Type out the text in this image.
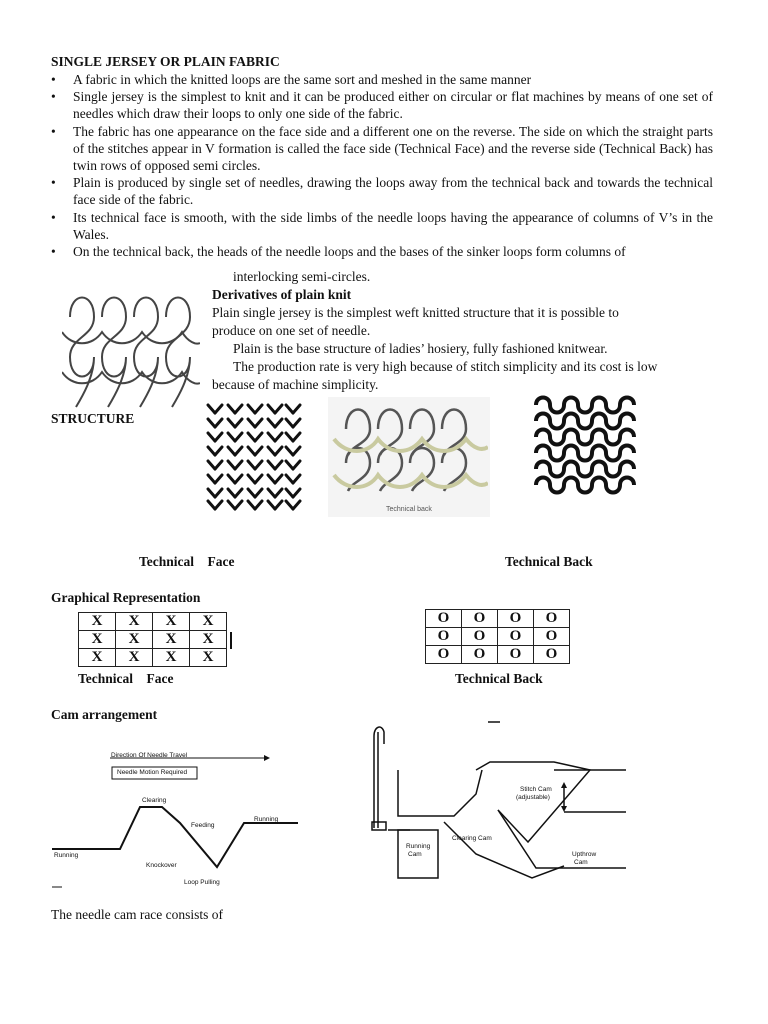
SINGLE JERSEY OR PLAIN FABRIC
• A fabric in which the knitted loops are the same sort and meshed in the same manner
• Single jersey is the simplest to knit and it can be produced either on circular or flat machines by means of one set of needles which draw their loops to only one side of the fabric.
• The fabric has one appearance on the face side and a different one on the reverse. The side on which the straight parts of the stitches appear in V formation is called the face side (Technical Face) and the reverse side (Technical Back) has twin rows of opposed semi circles.
• Plain is produced by single set of needles, drawing the loops away from the technical back and towards the technical face side of the fabric.
• Its technical face is smooth, with the side limbs of the needle loops having the appearance of columns of V’s in the Wales.
• On the technical back, the heads of the needle loops and the bases of the sinker loops form columns of
interlocking semi-circles.
Derivatives of plain knit
Plain single jersey is the simplest weft knitted structure that it is possible to
produce on one set of needle.
Plain is the base structure of ladies’ hosiery, fully fashioned knitwear.
The production rate is very high because of stitch simplicity and its cost is low
because of machine simplicity.
STRUCTURE
Technical back
Technical    Face	Technical Back
Graphical Representation
X	X	X	X
X	X	X	X
X	X	X	X
O	O	O	O
O	O	O	O
O	O	O	O
Technical    Face	Technical Back
Cam arrangement
Direction Of Needle Travel
Needle Motion Required
Clearing
Feeding
Running
Running
Knockover
Loop Pulling
Stitch Cam
(adjustable)
Clearing Cam
Running
Cam	Upthrow
Cam
The needle cam race consists of
